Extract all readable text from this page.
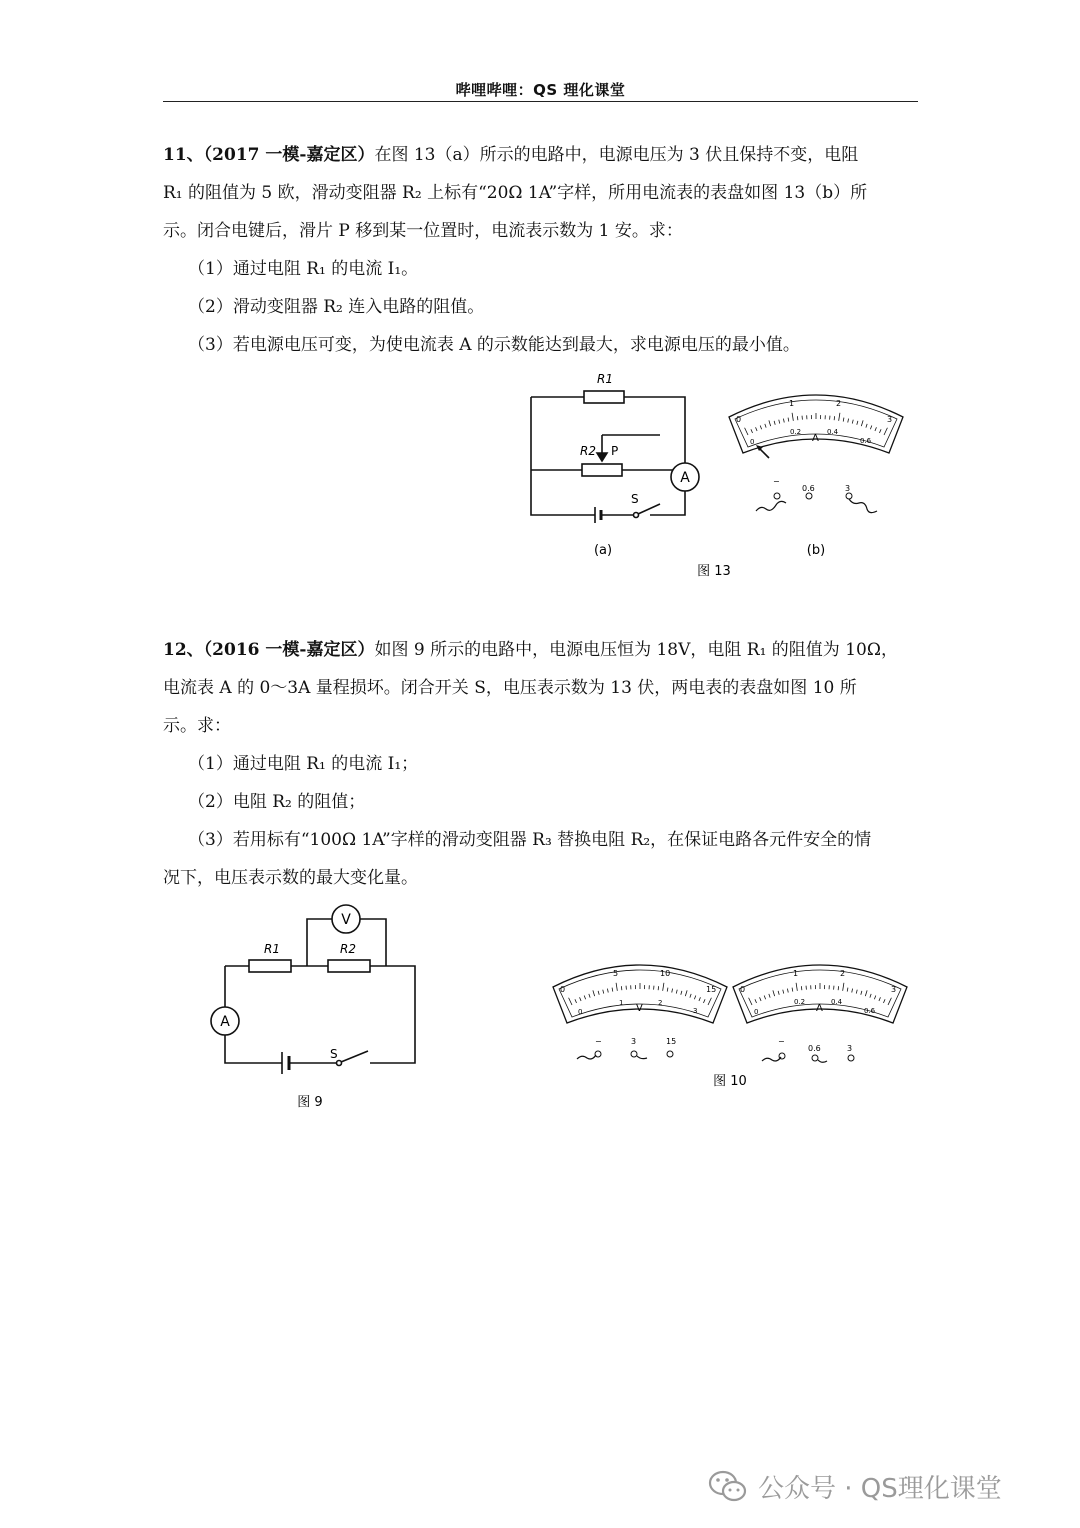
哔哩哔哩：QS 理化课堂

11、（2017 一模-嘉定区）在图 13（a）所示的电路中，电源电压为 3 伏且保持不变，电阻

R₁ 的阻值为 5 欧，滑动变阻器 R₂ 上标有“20Ω 1A”字样，所用电流表的表盘如图 13（b）所

示。闭合电键后，滑片 P 移到某一位置时，电流表示数为 1 安。求：

（1）通过电阻 R₁ 的电流 I₁。

（2）滑动变阻器 R₂ 连入电路的阻值。

（3）若电源电压可变，为使电流表 A 的示数能达到最大，求电源电压的最小值。

R1
R2 P
A
S
(a)
0
1	2
3
0
0.2	0.4
0.6
A
−
0.6	3
(b)
图 13

12、（2016 一模-嘉定区）如图 9 所示的电路中，电源电压恒为 18V，电阻 R₁ 的阻值为 10Ω，

电流表 A 的 0～3A 量程损坏。闭合开关 S，电压表示数为 13 伏，两电表的表盘如图 10 所

示。求：

（1）通过电阻 R₁ 的电流 I₁；

（2）电阻 R₂ 的阻值；

（3）若用标有“100Ω 1A”字样的滑动变阻器 R₃ 替换电阻 R₂，在保证电路各元件安全的情

况下，电压表示数的最大变化量。

R1	R2
V
A
S
图 9
0
5	10
15
0
1	2
3
V
−	3	15
0
1	2
3
0
0.2	0.4
0.6
A
−
0.6	3
图 10
公众号 · QS理化课堂
